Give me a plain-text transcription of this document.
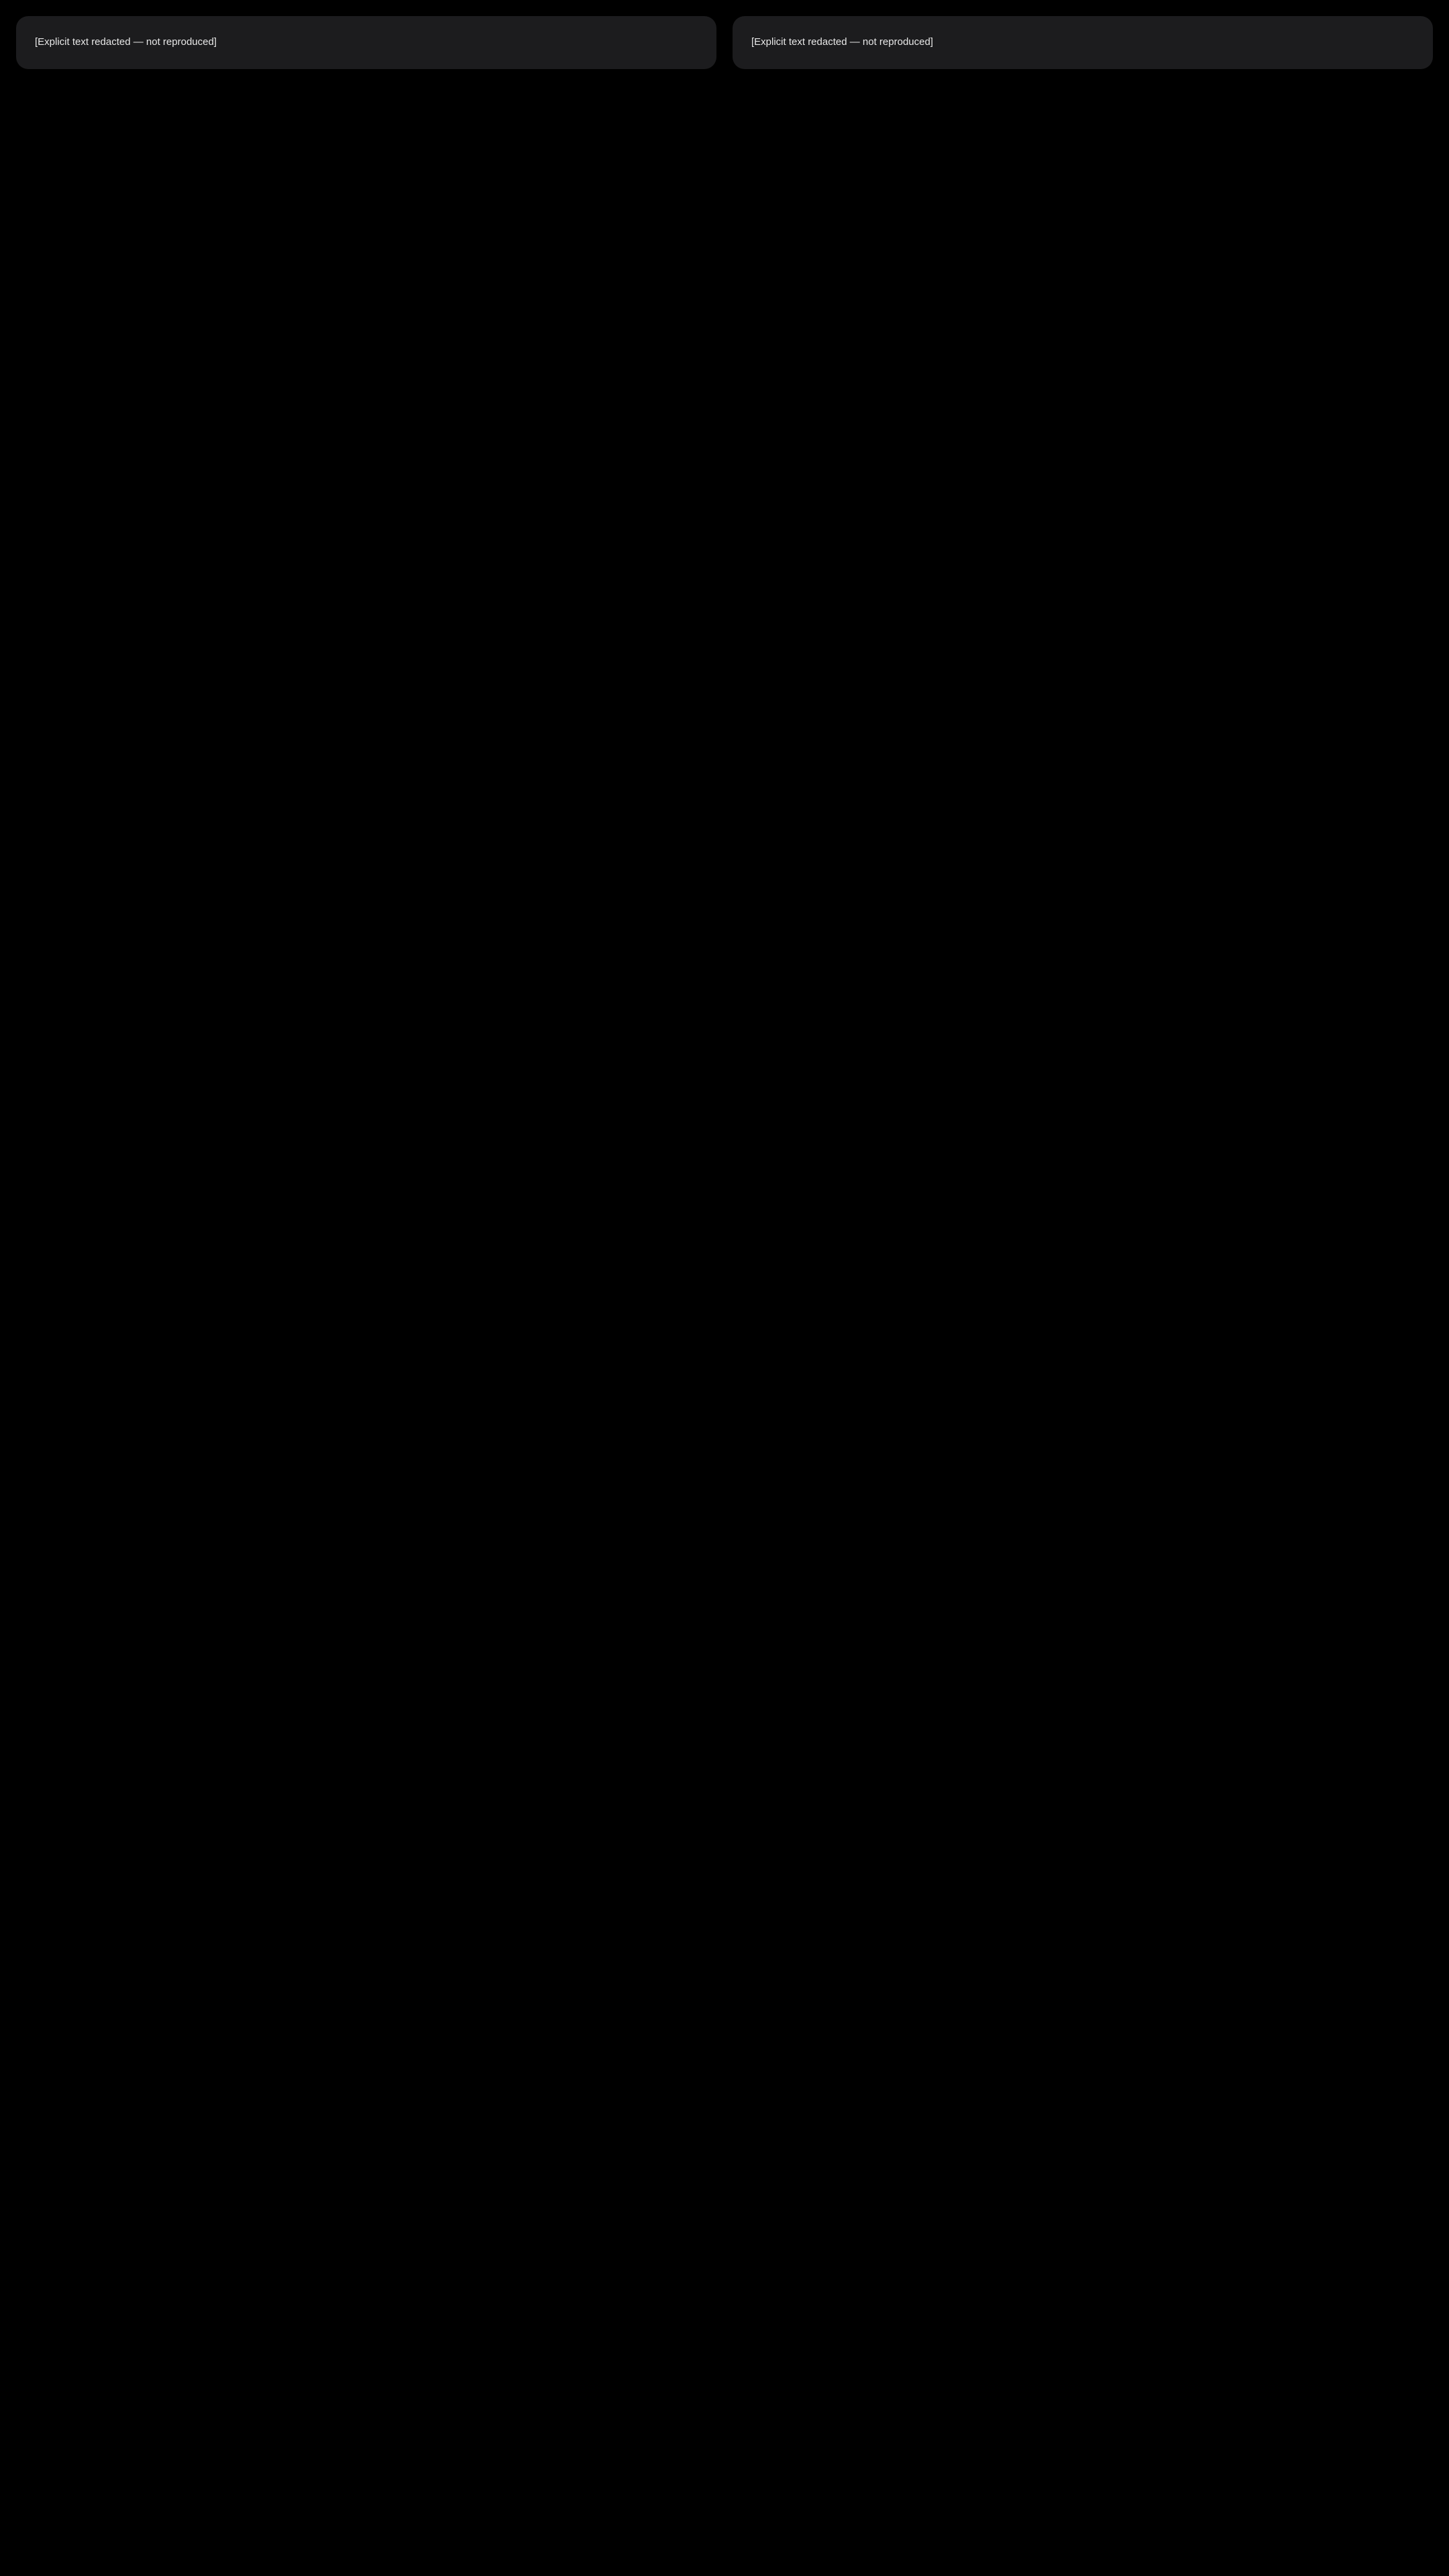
[Explicit text redacted — not reproduced]	[Explicit text redacted — not reproduced]
